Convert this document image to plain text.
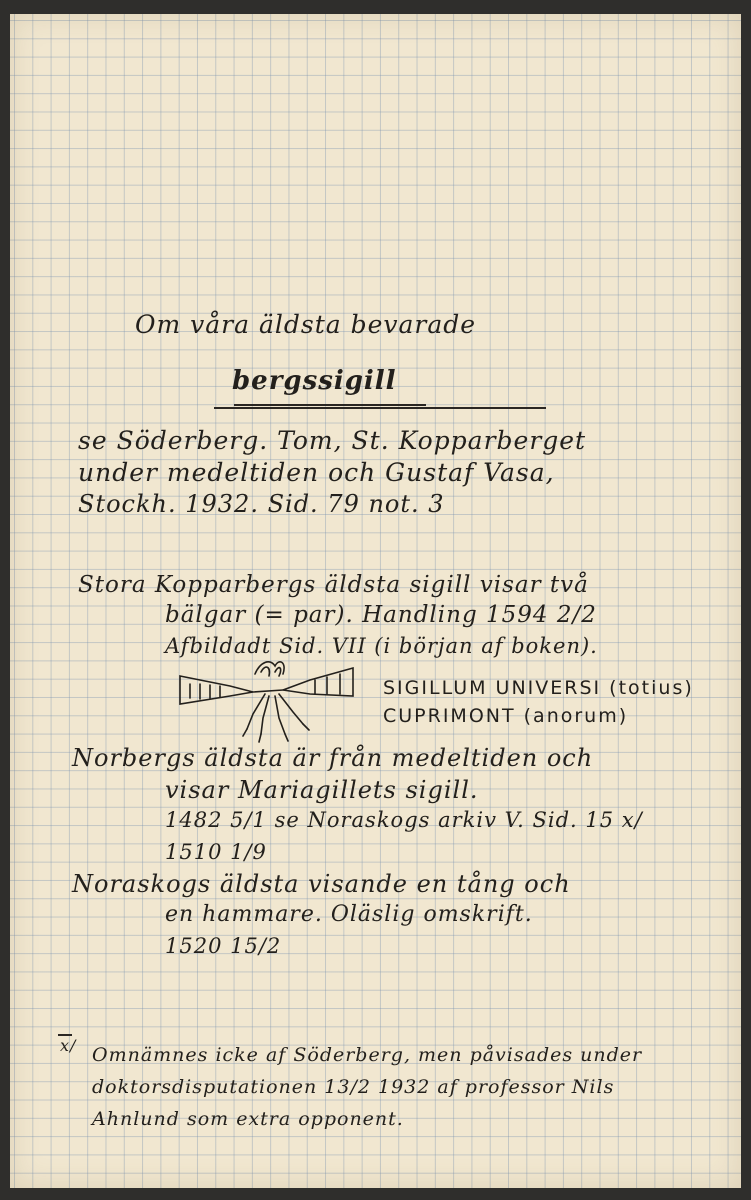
Om våra äldsta bevarade
bergssigill
se Söderberg. Tom, St. Kopparberget
under medeltiden och Gustaf Vasa,
Stockh. 1932. Sid. 79 not. 3
Stora Kopparbergs äldsta sigill visar två
bälgar (= par). Handling 1594 2/2
Afbildadt Sid. VII (i början af boken).
SIGILLUM UNIVERSI (totius)
CUPRIMONT (anorum)
Norbergs äldsta är från medeltiden och
visar Mariagillets sigill.
1482 5/1 se Noraskogs arkiv V. Sid. 15 x/
1510 1/9
Noraskogs äldsta visande en tång och
en hammare. Oläslig omskrift.
1520 15/2
x/ Omnämnes icke af Söderberg, men påvisades under
doktorsdisputationen 13/2 1932 af professor Nils
Ahnlund som extra opponent.
